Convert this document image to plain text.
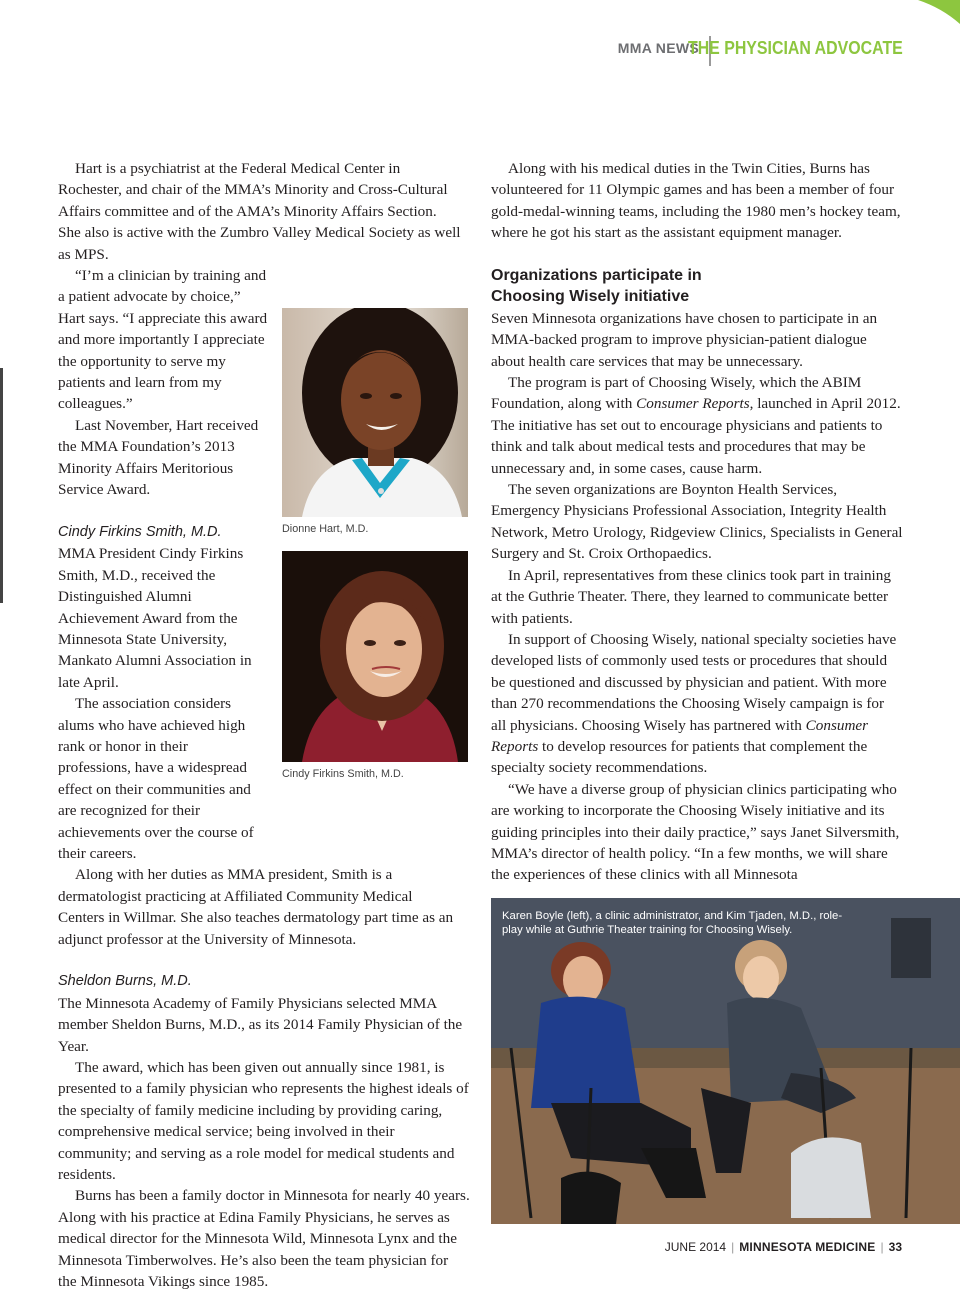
MMA NEWS
THE PHYSICIAN ADVOCATE

Hart is a psychiatrist at the Federal Medical Center in Rochester, and chair of the MMA’s Minority and Cross-Cultural Affairs committee and of the AMA’s Minority Affairs Section. She also is active with the Zumbro Valley Medical Society as well as MPS.

“I’m a clinician by training and a patient advocate by choice,” Hart says. “I appreciate this award and more importantly I appreciate the opportunity to serve my patients and learn from my colleagues.”

Last November, Hart received the MMA Foundation’s 2013 Minority Affairs Meritorious Service Award.

Cindy Firkins Smith, M.D.

MMA President Cindy Firkins Smith, M.D., received the Distinguished Alumni Achievement Award from the Minnesota State University, Mankato Alumni Association in late April.

The association considers alums who have achieved high rank or honor in their professions, have a widespread effect on their communities and are recognized for their achievements over the course of their careers.

Along with her duties as MMA president, Smith is a dermatologist practicing at Affiliated Community Medical Centers in Willmar. She also teaches dermatology part time as an adjunct professor at the University of Minnesota.

Sheldon Burns, M.D.

The Minnesota Academy of Family Physicians selected MMA member Sheldon Burns, M.D., as its 2014 Family Physician of the Year.

The award, which has been given out annually since 1981, is presented to a family physician who represents the highest ideals of the specialty of family medicine including by providing caring, comprehensive medical service; being involved in their community; and serving as a role model for medical students and residents.

Burns has been a family doctor in Minnesota for nearly 40 years. Along with his practice at Edina Family Physicians, he serves as medical director for the Minnesota Wild, Minnesota Lynx and the Minnesota Timberwolves. He’s also been the team physician for the Minnesota Vikings since 1985.

Dionne Hart, M.D.
Cindy Firkins Smith, M.D.

Along with his medical duties in the Twin Cities, Burns has volunteered for 11 Olympic games and has been a member of four gold-medal-winning teams, including the 1980 men’s hockey team, where he got his start as the assistant equipment manager.

Organizations participate in
Choosing Wisely initiative

Seven Minnesota organizations have chosen to participate in an MMA-backed program to improve physician-patient dialogue about health care services that may be unnecessary.

The program is part of Choosing Wisely, which the ABIM Foundation, along with Consumer Reports, launched in April 2012. The initiative has set out to encourage physicians and patients to think and talk about medical tests and procedures that may be unnecessary and, in some cases, cause harm.

The seven organizations are Boynton Health Services, Emergency Physicians Professional Association, Integrity Health Network, Metro Urology, Ridgeview Clinics, Specialists in General Surgery and St. Croix Orthopaedics.

In April, representatives from these clinics took part in training at the Guthrie Theater. There, they learned to communicate better with patients.

In support of Choosing Wisely, national specialty societies have developed lists of commonly used tests or procedures that should be questioned and discussed by physician and patient. With more than 270 recommendations the Choosing Wisely campaign is for all physicians. Choosing Wisely has partnered with Consumer Reports to develop resources for patients that complement the specialty society recommendations.

“We have a diverse group of physician clinics participating who are working to incorporate the Choosing Wisely initiative and its guiding principles into their daily practice,” says Janet Silversmith, MMA’s director of health policy. “In a few months, we will share the experiences of these clinics with all Minnesota

Karen Boyle (left), a clinic administrator, and Kim Tjaden, M.D., role-play while at Guthrie Theater training for Choosing Wisely.
JUNE 2014 | MINNESOTA MEDICINE | 33
